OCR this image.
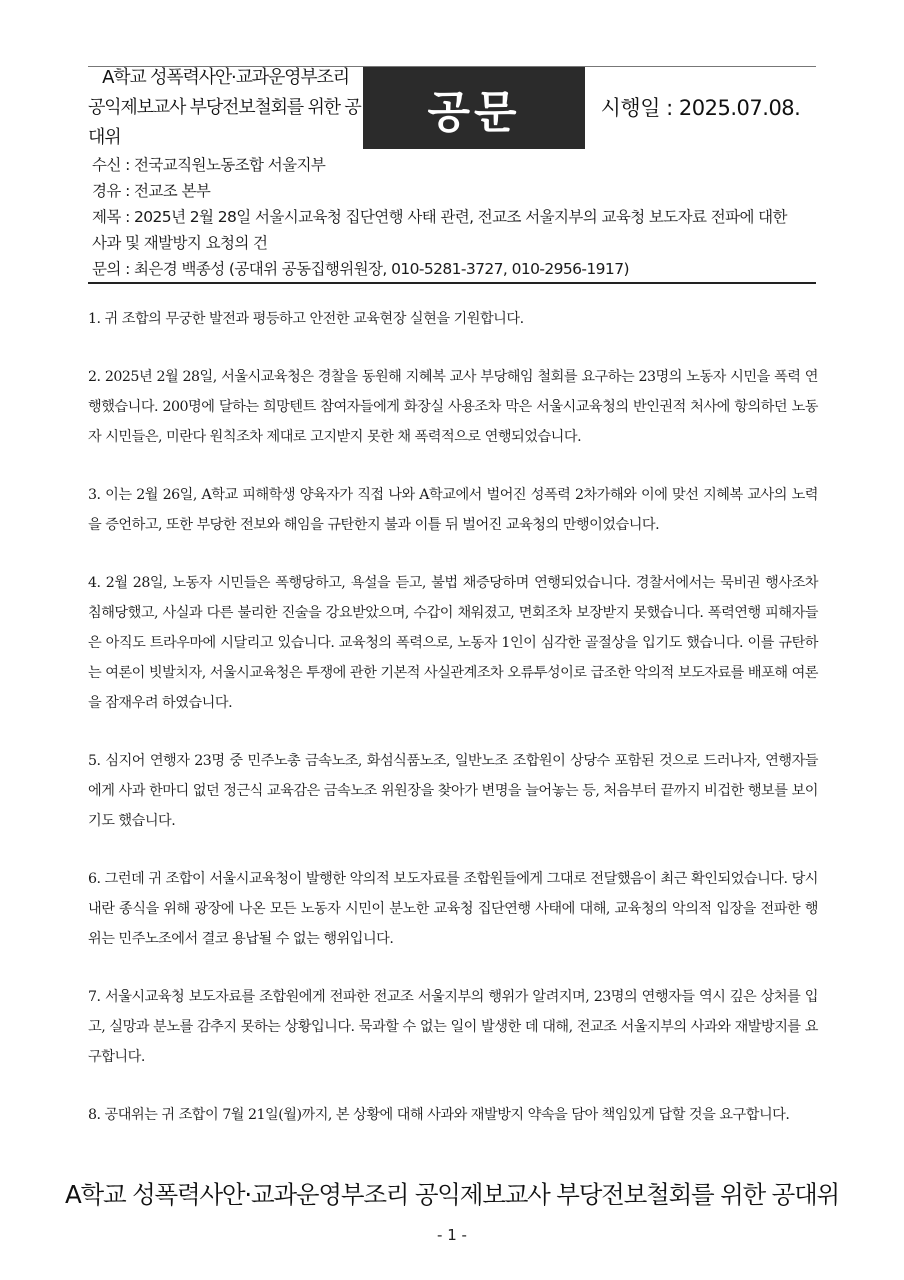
A학교 성폭력사안·교과운영부조리
공익제보교사 부당전보철회를 위한 공대위	공문	시행일 : 2025.07.08.
수신 : 전국교직원노동조합 서울지부
경유 : 전교조 본부
제목 : 2025년 2월 28일 서울시교육청 집단연행 사태 관련, 전교조 서울지부의 교육청 보도자료 전파에 대한
사과 및 재발방지 요청의 건
문의 : 최은경 백종성 (공대위 공동집행위원장, 010-5281-3727, 010-2956-1917)

1. 귀 조합의 무궁한 발전과 평등하고 안전한 교육현장 실현을 기원합니다.

2. 2025년 2월 28일, 서울시교육청은 경찰을 동원해 지혜복 교사 부당해임 철회를 요구하는 23명의 노동자 시민을 폭력 연행했습니다. 200명에 달하는 희망텐트 참여자들에게 화장실 사용조차 막은 서울시교육청의 반인권적 처사에 항의하던 노동자 시민들은, 미란다 원칙조차 제대로 고지받지 못한 채 폭력적으로 연행되었습니다.

3. 이는 2월 26일, A학교 피해학생 양육자가 직접 나와 A학교에서 벌어진 성폭력 2차가해와 이에 맞선 지혜복 교사의 노력을 증언하고, 또한 부당한 전보와 해임을 규탄한지 불과 이틀 뒤 벌어진 교육청의 만행이었습니다.

4. 2월 28일, 노동자 시민들은 폭행당하고, 욕설을 듣고, 불법 채증당하며 연행되었습니다. 경찰서에서는 묵비권 행사조차 침해당했고, 사실과 다른 불리한 진술을 강요받았으며, 수갑이 채워졌고, 면회조차 보장받지 못했습니다. 폭력연행 피해자들은 아직도 트라우마에 시달리고 있습니다. 교육청의 폭력으로, 노동자 1인이 심각한 골절상을 입기도 했습니다. 이를 규탄하는 여론이 빗발치자, 서울시교육청은 투쟁에 관한 기본적 사실관계조차 오류투성이로 급조한 악의적 보도자료를 배포해 여론을 잠재우려 하였습니다.

5. 심지어 연행자 23명 중 민주노총 금속노조, 화섬식품노조, 일반노조 조합원이 상당수 포함된 것으로 드러나자, 연행자들에게 사과 한마디 없던 정근식 교육감은 금속노조 위원장을 찾아가 변명을 늘어놓는 등, 처음부터 끝까지 비겁한 행보를 보이기도 했습니다.

6. 그런데 귀 조합이 서울시교육청이 발행한 악의적 보도자료를 조합원들에게 그대로 전달했음이 최근 확인되었습니다. 당시 내란 종식을 위해 광장에 나온 모든 노동자 시민이 분노한 교육청 집단연행 사태에 대해, 교육청의 악의적 입장을 전파한 행위는 민주노조에서 결코 용납될 수 없는 행위입니다.

7. 서울시교육청 보도자료를 조합원에게 전파한 전교조 서울지부의 행위가 알려지며, 23명의 연행자들 역시 깊은 상처를 입고, 실망과 분노를 감추지 못하는 상황입니다. 묵과할 수 없는 일이 발생한 데 대해, 전교조 서울지부의 사과와 재발방지를 요구합니다.

8. 공대위는 귀 조합이 7월 21일(월)까지, 본 상황에 대해 사과와 재발방지 약속을 담아 책임있게 답할 것을 요구합니다.

A학교 성폭력사안·교과운영부조리 공익제보교사 부당전보철회를 위한 공대위
- 1 -
